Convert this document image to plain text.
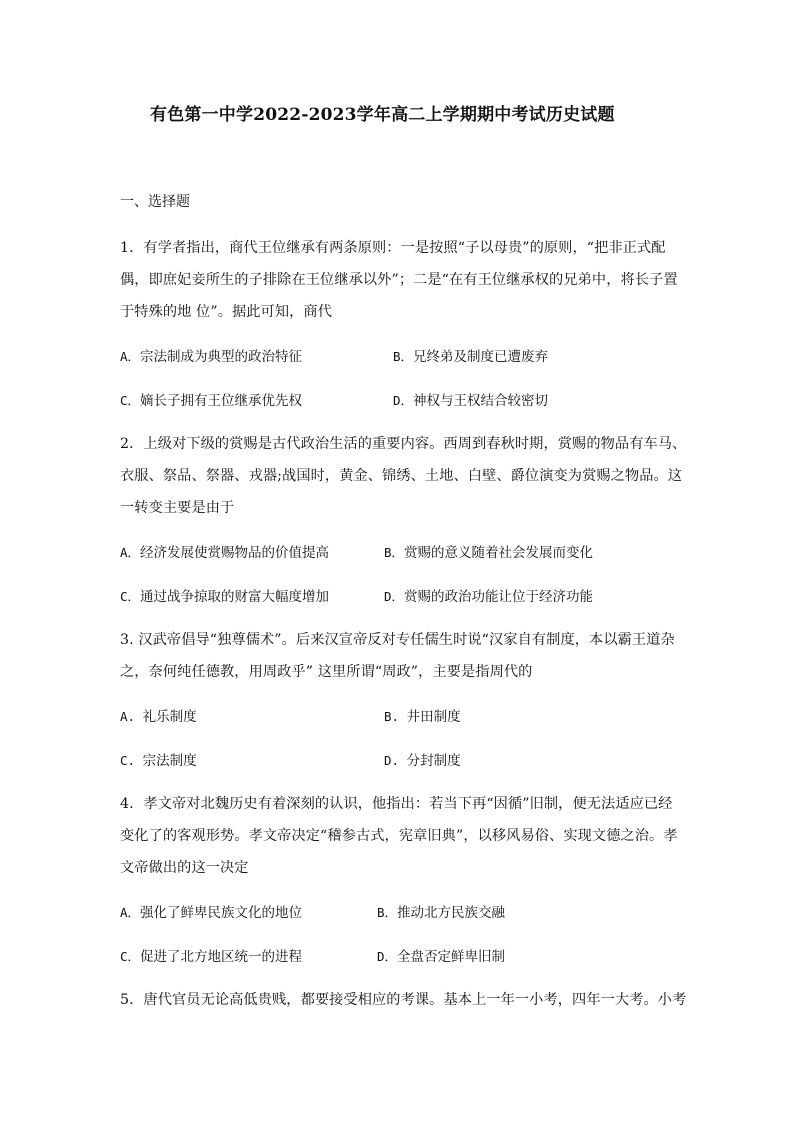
有色第一中学2022-2023学年高二上学期期中考试历史试题
一、选择题
1．有学者指出，商代王位继承有两条原则：一是按照“子以母贵”的原则，“把非正式配
偶，即庶妃妾所生的子排除在王位继承以外”；二是“在有王位继承权的兄弟中，将长子置
于特殊的地 位”。据此可知，商代
A．宗法制成为典型的政治特征	B．兄终弟及制度已遭废弃
C．嫡长子拥有王位继承优先权	D．神权与王权结合较密切
2．上级对下级的赏赐是古代政治生活的重要内容。西周到春秋时期，赏赐的物品有车马、
衣服、祭品、祭器、戎器;战国时，黄金、锦绣、土地、白壁、爵位演变为赏赐之物品。这
一转变主要是由于
A．经济发展使赏赐物品的价值提高	B．赏赐的意义随着社会发展而变化
C．通过战争掠取的财富大幅度增加	D．赏赐的政治功能让位于经济功能
3. 汉武帝倡导“独尊儒术”。后来汉宣帝反对专任儒生时说“汉家自有制度，本以霸王道杂
之，奈何纯任德教，用周政乎” 这里所谓“周政”，主要是指周代的
A. 礼乐制度	B. 井田制度
C. 宗法制度	D. 分封制度
4．孝文帝对北魏历史有着深刻的认识，他指出：若当下再“因循”旧制，便无法适应已经
变化了的客观形势。孝文帝决定“稽参古式，宪章旧典”，以移风易俗、实现文德之治。孝
文帝做出的这一决定
A．强化了鲜卑民族文化的地位	B．推动北方民族交融
C．促进了北方地区统一的进程	D．全盘否定鲜卑旧制
5．唐代官员无论高低贵贱，都要接受相应的考课。基本上一年一小考，四年一大考。小考
